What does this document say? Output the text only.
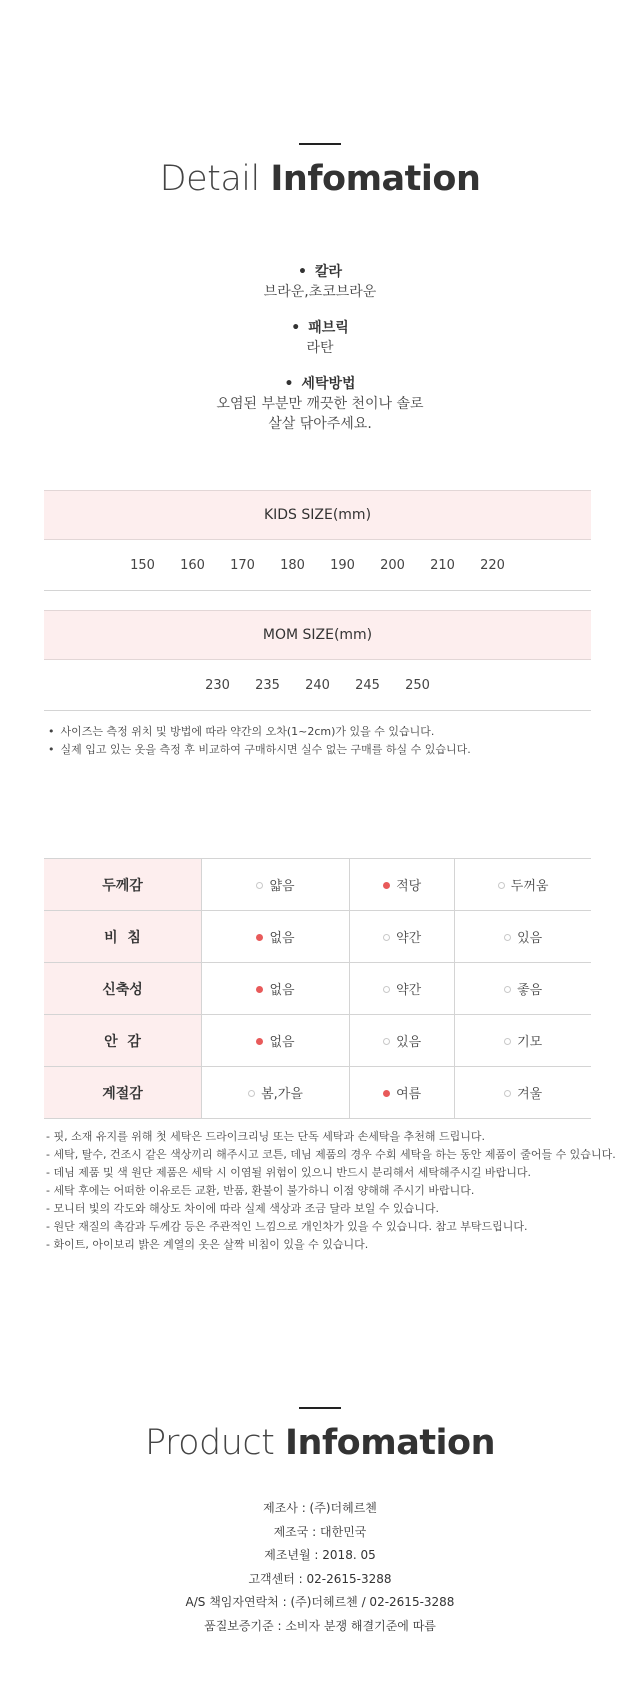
Detail Infomation
• 칼라
브라운,초코브라운
• 패브릭
라탄
• 세탁방법
오염된 부분만 깨끗한 천이나 솔로
살살 닦아주세요.
KIDS SIZE(mm)
150	160	170	180	190	200	210	220
MOM SIZE(mm)
230	235	240	245	250
• 사이즈는 측정 위치 및 방법에 따라 약간의 오차(1~2cm)가 있을 수 있습니다.
• 실제 입고 있는 옷을 측정 후 비교하여 구매하시면 실수 없는 구매를 하실 수 있습니다.
두께감	얇음	적당	두꺼움
비  침	없음	약간	있음
신축성	없음	약간	좋음
안  감	없음	있음	기모
계절감	봄,가을	여름	겨울
- 핏, 소재 유지를 위해 첫 세탁은 드라이크리닝 또는 단독 세탁과 손세탁을 추천해 드립니다.
- 세탁, 탈수, 건조시 같은 색상끼리 해주시고 코튼, 데님 제품의 경우 수회 세탁을 하는 동안 제품이 줄어들 수 있습니다.
- 데님 제품 및 색 원단 제품은 세탁 시 이염될 위험이 있으니 반드시 분리해서 세탁해주시길 바랍니다.
- 세탁 후에는 어떠한 이유로든 교환, 반품, 환불이 불가하니 이점 양해해 주시기 바랍니다.
- 모니터 빛의 각도와 해상도 차이에 따라 실제 색상과 조금 달라 보일 수 있습니다.
- 원단 재질의 촉감과 두께감 등은 주관적인 느낌으로 개인차가 있을 수 있습니다. 참고 부탁드립니다.
- 화이트, 아이보리 밝은 계열의 옷은 살짝 비침이 있을 수 있습니다.
Product Infomation
제조사 : (주)더헤르첸
제조국 : 대한민국
제조년월 : 2018. 05
고객센터 : 02-2615-3288
A/S 책임자연락처 : (주)더헤르첸 / 02-2615-3288
품질보증기준 : 소비자 분쟁 해결기준에 따름
